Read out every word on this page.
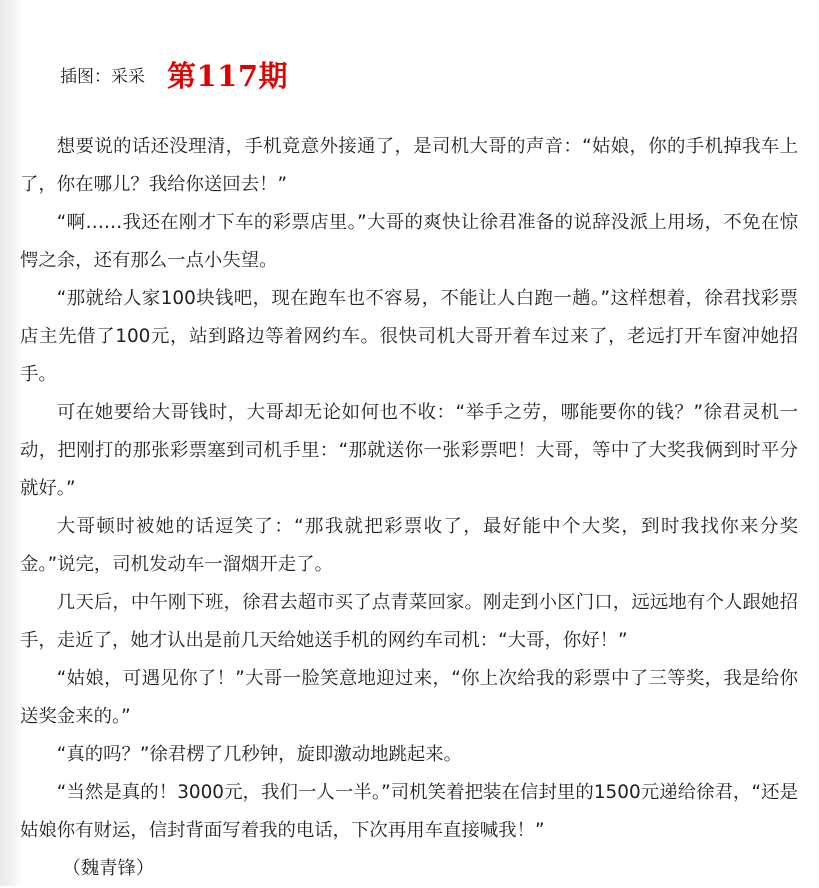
插图：采采 第117期

想要说的话还没理清，手机竟意外接通了，是司机大哥的声音：“姑娘，你的手机掉我车上了，你在哪儿？我给你送回去！”

“啊……我还在刚才下车的彩票店里。”大哥的爽快让徐君准备的说辞没派上用场，不免在惊愕之余，还有那么一点小失望。

“那就给人家100块钱吧，现在跑车也不容易，不能让人白跑一趟。”这样想着，徐君找彩票店主先借了100元，站到路边等着网约车。很快司机大哥开着车过来了，老远打开车窗冲她招手。

可在她要给大哥钱时，大哥却无论如何也不收：“举手之劳，哪能要你的钱？”徐君灵机一动，把刚打的那张彩票塞到司机手里：“那就送你一张彩票吧！大哥，等中了大奖我俩到时平分就好。”

大哥顿时被她的话逗笑了：“那我就把彩票收了，最好能中个大奖，到时我找你来分奖金。”说完，司机发动车一溜烟开走了。

几天后，中午刚下班，徐君去超市买了点青菜回家。刚走到小区门口，远远地有个人跟她招手，走近了，她才认出是前几天给她送手机的网约车司机：“大哥，你好！”

“姑娘，可遇见你了！”大哥一脸笑意地迎过来，“你上次给我的彩票中了三等奖，我是给你送奖金来的。”

“真的吗？”徐君楞了几秒钟，旋即激动地跳起来。

“当然是真的！3000元，我们一人一半。”司机笑着把装在信封里的1500元递给徐君，“还是姑娘你有财运，信封背面写着我的电话，下次再用车直接喊我！”

（魏青锋）
